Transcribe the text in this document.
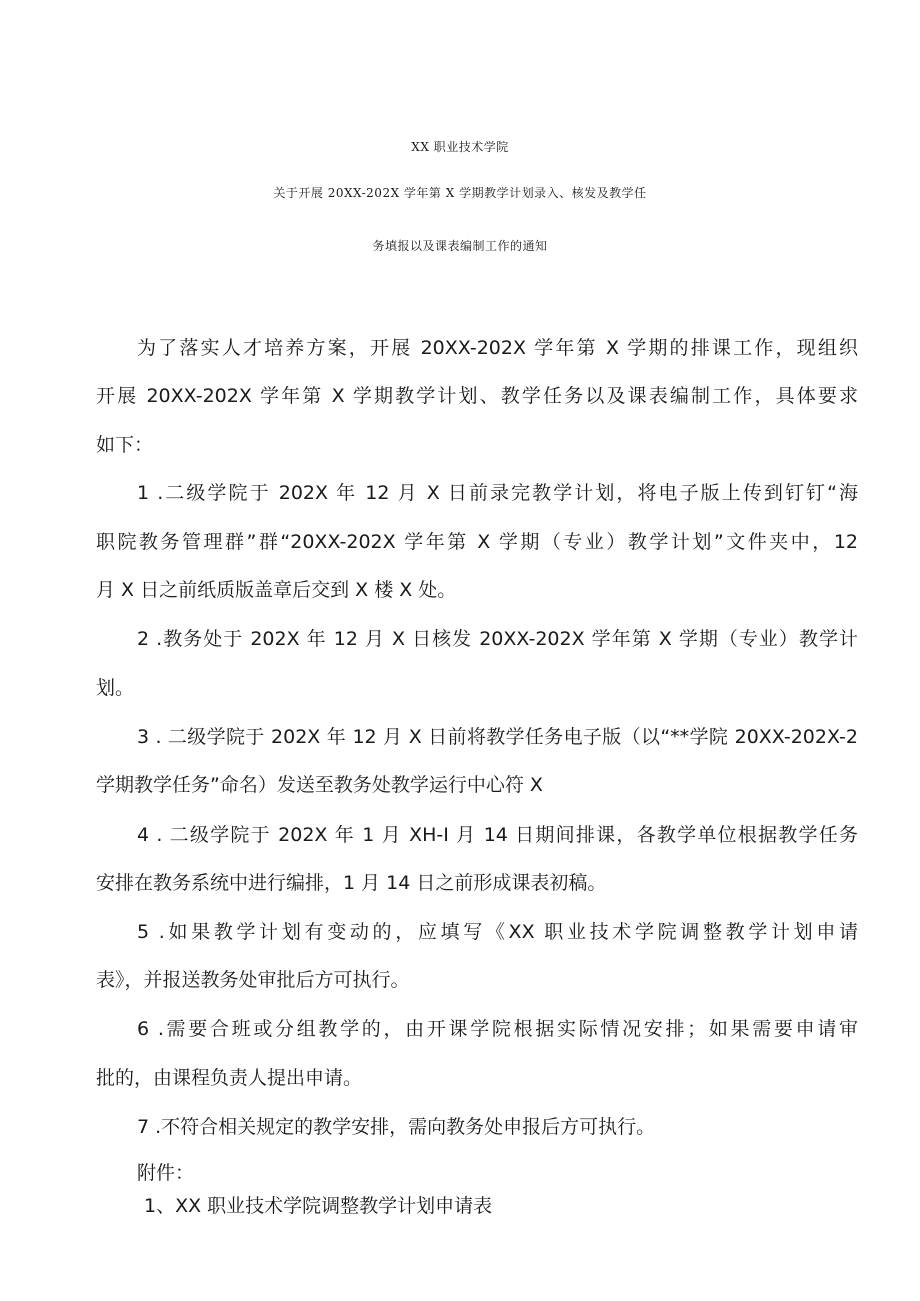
XX 职业技术学院
关于开展 20XX-202X 学年第 X 学期教学计划录入、核发及教学任
务填报以及课表编制工作的通知
为了落实人才培养方案，开展 20XX-202X 学年第 X 学期的排课工作，现组织
开展 20XX-202X 学年第 X 学期教学计划、教学任务以及课表编制工作，具体要求
如下：
1 .二级学院于 202X 年 12 月 X 日前录完教学计划，将电子版上传到钉钉“海
职院教务管理群”群“20XX-202X 学年第 X 学期（专业）教学计划”文件夹中，12
月 X 日之前纸质版盖章后交到 X 楼 X 处。
2 .教务处于 202X 年 12 月 X 日核发 20XX-202X 学年第 X 学期（专业）教学计
划。
3 . 二级学院于 202X 年 12 月 X 日前将教学任务电子版（以“**学院 20XX-202X-2
学期教学任务”命名）发送至教务处教学运行中心符 X
4 . 二级学院于 202X 年 1 月 XH-I 月 14 日期间排课，各教学单位根据教学任务
安排在教务系统中进行编排，1 月 14 日之前形成课表初稿。
5 .如果教学计划有变动的，应填写《XX 职业技术学院调整教学计划申请
表》，并报送教务处审批后方可执行。
6 .需要合班或分组教学的，由开课学院根据实际情况安排；如果需要申请审
批的，由课程负责人提出申请。
7 .不符合相关规定的教学安排，需向教务处申报后方可执行。
附件：
1、XX 职业技术学院调整教学计划申请表
